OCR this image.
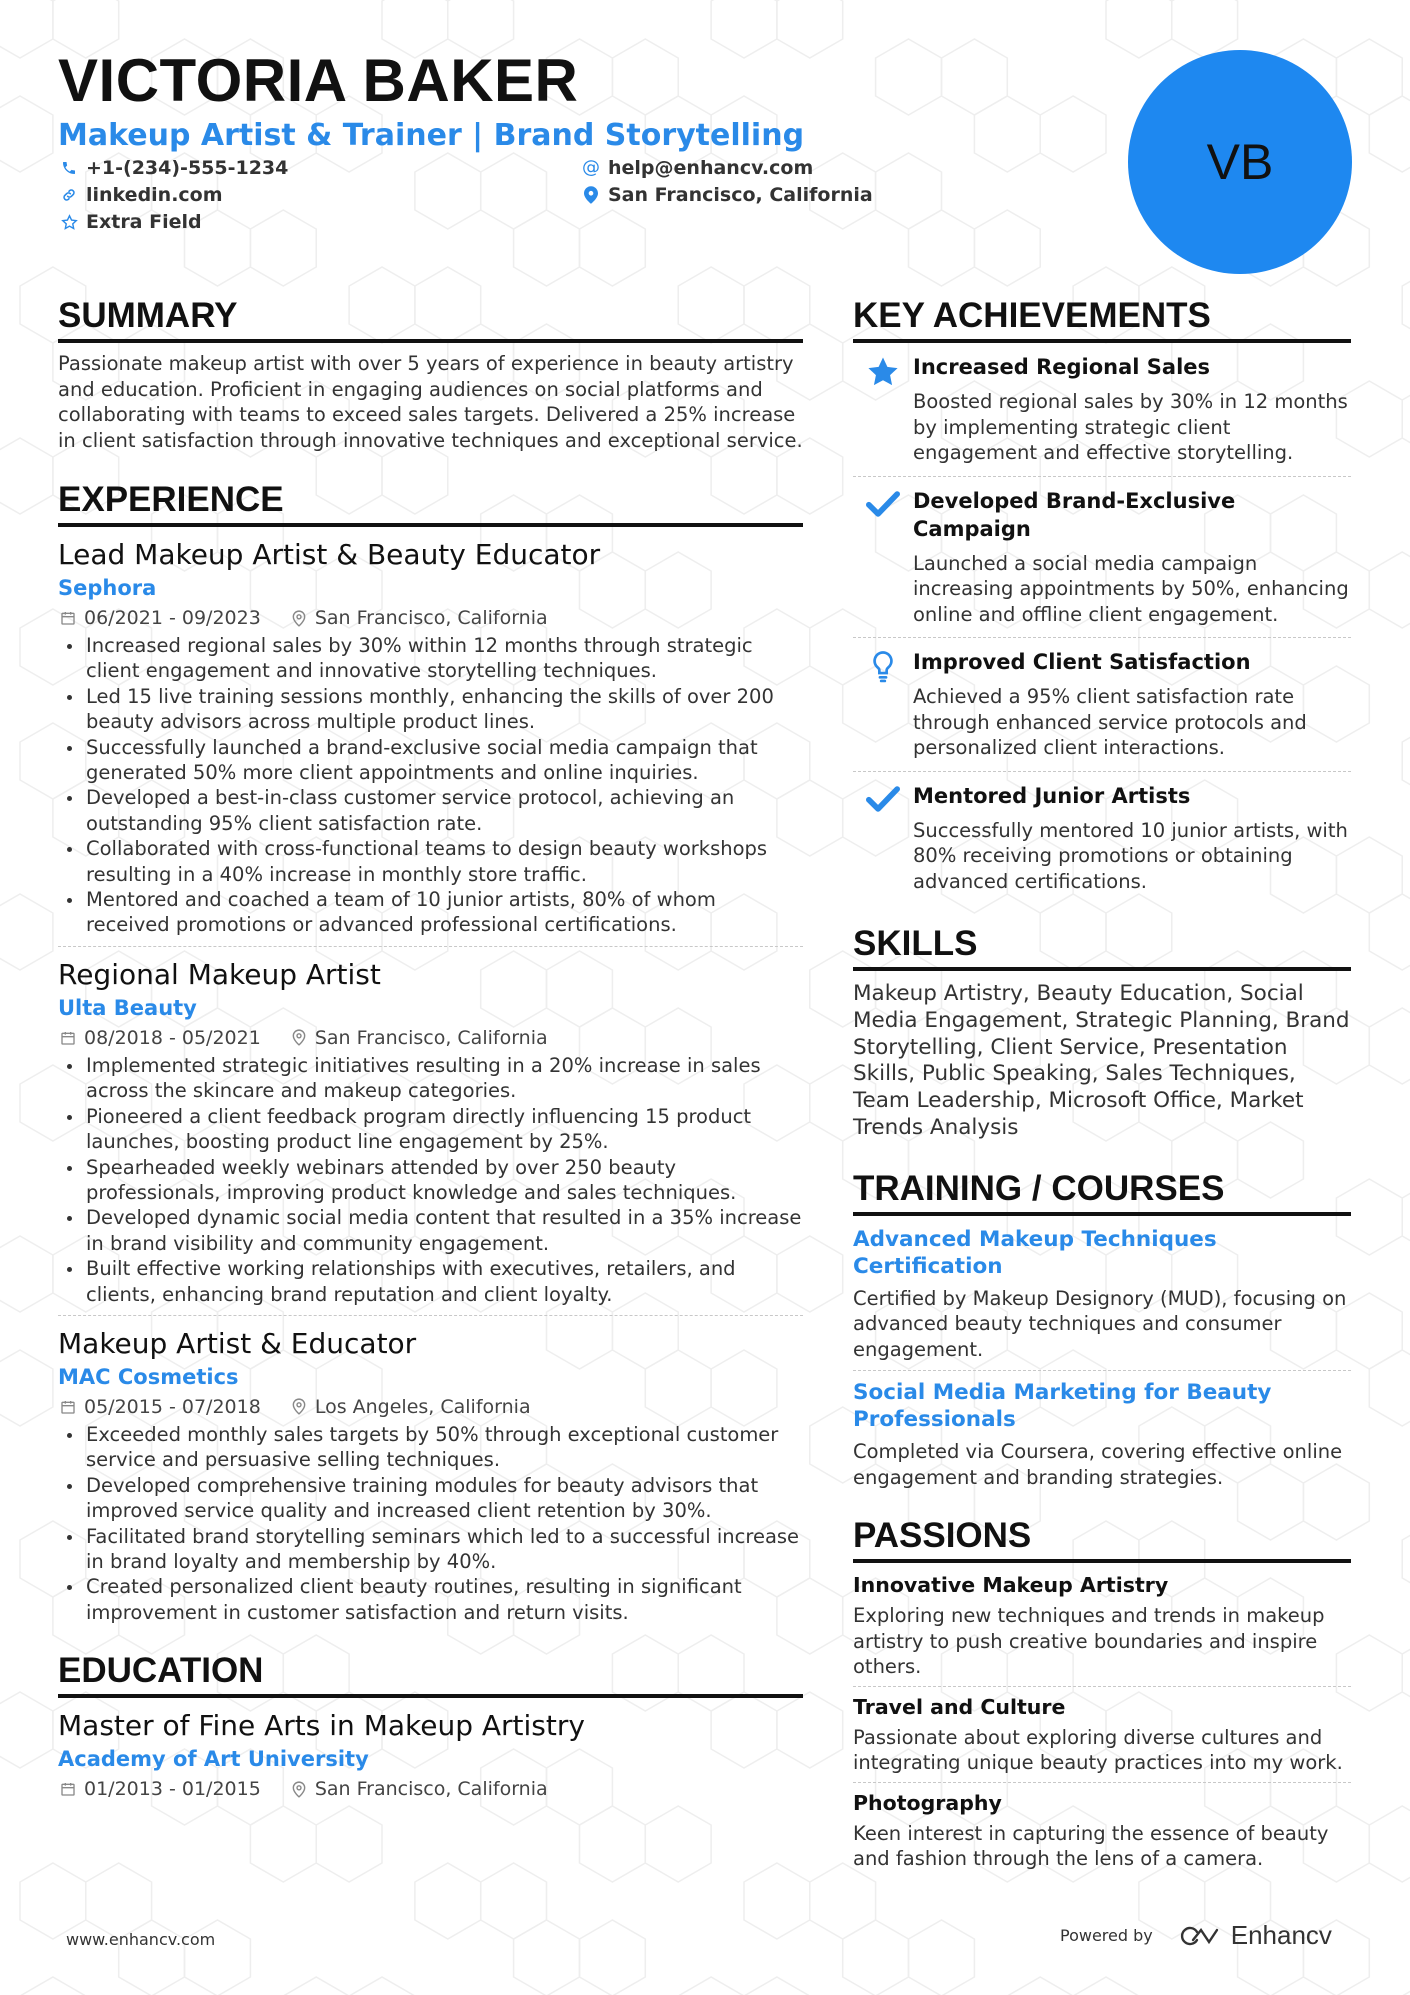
VICTORIA BAKER
Makeup Artist & Trainer | Brand Storytelling
+1-(234)-555-1234	@ help@enhancv.com
linkedin.com	San Francisco, California
Extra Field
VB
SUMMARY
Passionate makeup artist with over 5 years of experience in beauty artistry and education. Proficient in engaging audiences on social platforms and collaborating with teams to exceed sales targets. Delivered a 25% increase in client satisfaction through innovative techniques and exceptional service.
EXPERIENCE
Lead Makeup Artist & Beauty Educator
Sephora
06/2021 - 09/2023	San Francisco, California
Increased regional sales by 30% within 12 months through strategic client engagement and innovative storytelling techniques.
Led 15 live training sessions monthly, enhancing the skills of over 200 beauty advisors across multiple product lines.
Successfully launched a brand-exclusive social media campaign that generated 50% more client appointments and online inquiries.
Developed a best-in-class customer service protocol, achieving an outstanding 95% client satisfaction rate.
Collaborated with cross-functional teams to design beauty workshops resulting in a 40% increase in monthly store traffic.
Mentored and coached a team of 10 junior artists, 80% of whom received promotions or advanced professional certifications.
Regional Makeup Artist
Ulta Beauty
08/2018 - 05/2021	San Francisco, California
Implemented strategic initiatives resulting in a 20% increase in sales across the skincare and makeup categories.
Pioneered a client feedback program directly influencing 15 product launches, boosting product line engagement by 25%.
Spearheaded weekly webinars attended by over 250 beauty professionals, improving product knowledge and sales techniques.
Developed dynamic social media content that resulted in a 35% increase in brand visibility and community engagement.
Built effective working relationships with executives, retailers, and clients, enhancing brand reputation and client loyalty.
Makeup Artist & Educator
MAC Cosmetics
05/2015 - 07/2018	Los Angeles, California
Exceeded monthly sales targets by 50% through exceptional customer service and persuasive selling techniques.
Developed comprehensive training modules for beauty advisors that improved service quality and increased client retention by 30%.
Facilitated brand storytelling seminars which led to a successful increase in brand loyalty and membership by 40%.
Created personalized client beauty routines, resulting in significant improvement in customer satisfaction and return visits.
EDUCATION
Master of Fine Arts in Makeup Artistry
Academy of Art University
01/2013 - 01/2015	San Francisco, California
KEY ACHIEVEMENTS
Increased Regional Sales
Boosted regional sales by 30% in 12 months by implementing strategic client engagement and effective storytelling.
Developed Brand-Exclusive Campaign
Launched a social media campaign increasing appointments by 50%, enhancing online and offline client engagement.
Improved Client Satisfaction
Achieved a 95% client satisfaction rate through enhanced service protocols and personalized client interactions.
Mentored Junior Artists
Successfully mentored 10 junior artists, with 80% receiving promotions or obtaining advanced certifications.
SKILLS
Makeup Artistry, Beauty Education, Social Media Engagement, Strategic Planning, Brand Storytelling, Client Service, Presentation Skills, Public Speaking, Sales Techniques, Team Leadership, Microsoft Office, Market Trends Analysis
TRAINING / COURSES
Advanced Makeup Techniques Certification
Certified by Makeup Designory (MUD), focusing on advanced beauty techniques and consumer engagement.
Social Media Marketing for Beauty Professionals
Completed via Coursera, covering effective online engagement and branding strategies.
PASSIONS
Innovative Makeup Artistry
Exploring new techniques and trends in makeup artistry to push creative boundaries and inspire others.
Travel and Culture
Passionate about exploring diverse cultures and integrating unique beauty practices into my work.
Photography
Keen interest in capturing the essence of beauty and fashion through the lens of a camera.
www.enhancv.com	Powered by	Enhancv
